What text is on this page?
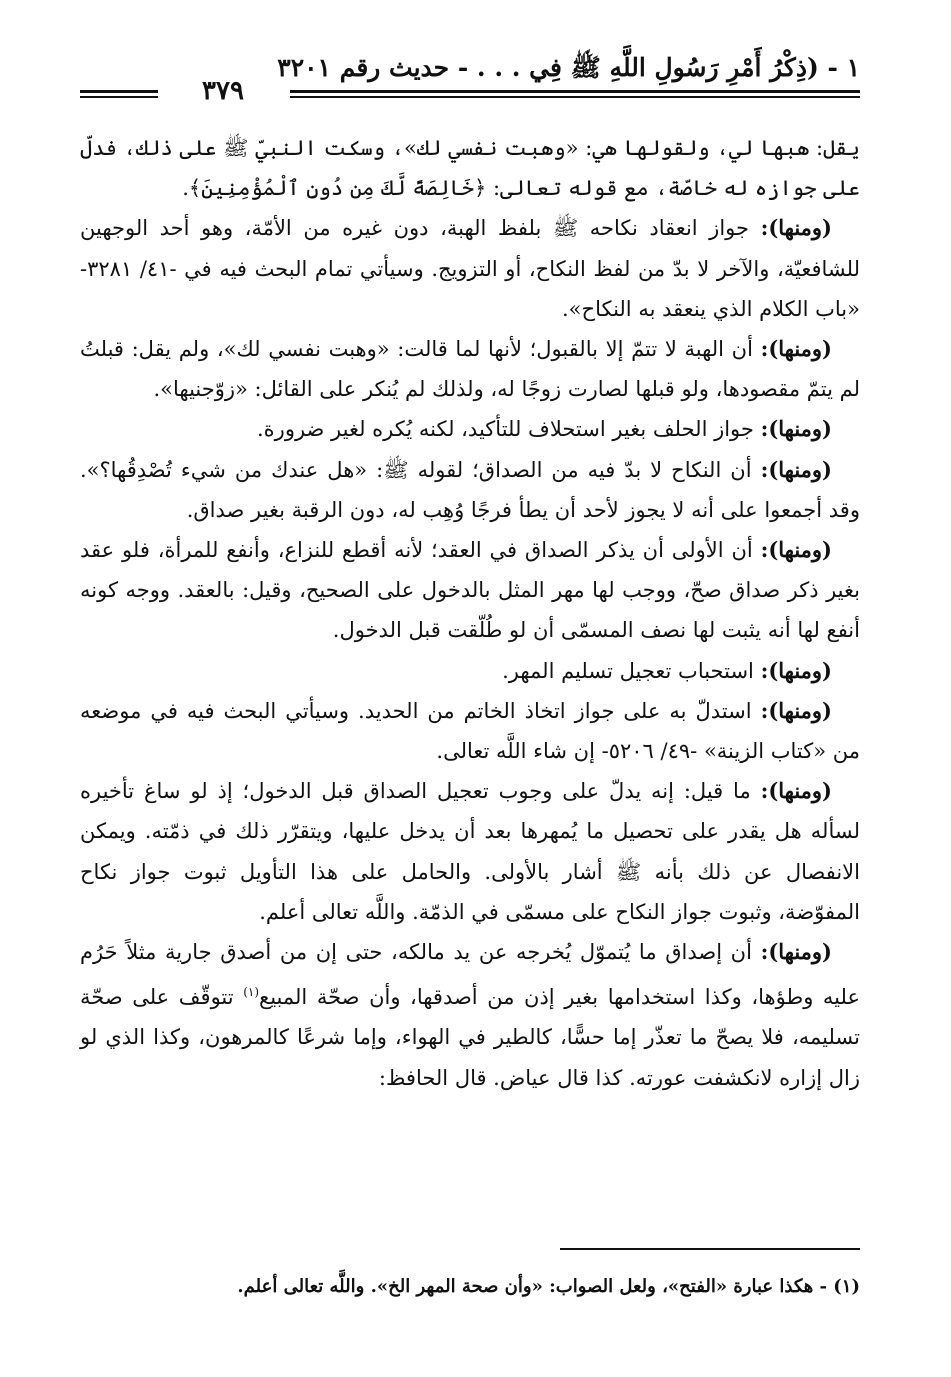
١ - (ذِكْرُ أَمْرِ رَسُولِ اللَّهِ ﷺ فِي . . . - حديث رقم ٣٢٠١
٣٧٩

يقل: هبها لي، ولقولها هي: «وهبت نفسي لك»، وسكت النبيّ ﷺ على ذلك، فدلّ على جوازه له خاصّة، مع قوله تعالى: ﴿خَالِصَةً لَّكَ مِن دُونِ ٱلْمُؤْمِنِينَ﴾.

(ومنها): جواز انعقاد نكاحه ﷺ بلفظ الهبة، دون غيره من الأمّة، وهو أحد الوجهين للشافعيّة، والآخر لا بدّ من لفظ النكاح، أو التزويج. وسيأتي تمام البحث فيه في -٤١/ ٣٢٨١- «باب الكلام الذي ينعقد به النكاح».

(ومنها): أن الهبة لا تتمّ إلا بالقبول؛ لأنها لما قالت: «وهبت نفسي لك»، ولم يقل: قبلتُ لم يتمّ مقصودها، ولو قبلها لصارت زوجًا له، ولذلك لم يُنكر على القائل: «زوّجنيها».

(ومنها): جواز الحلف بغير استحلاف للتأكيد، لكنه يُكره لغير ضرورة.

(ومنها): أن النكاح لا بدّ فيه من الصداق؛ لقوله ﷺ: «هل عندك من شيء تُصْدِقُها؟». وقد أجمعوا على أنه لا يجوز لأحد أن يطأ فرجًا وُهِب له، دون الرقبة بغير صداق.

(ومنها): أن الأولى أن يذكر الصداق في العقد؛ لأنه أقطع للنزاع، وأنفع للمرأة، فلو عقد بغير ذكر صداق صحّ، ووجب لها مهر المثل بالدخول على الصحيح، وقيل: بالعقد. ووجه كونه أنفع لها أنه يثبت لها نصف المسمّى أن لو طُلّقت قبل الدخول.

(ومنها): استحباب تعجيل تسليم المهر.

(ومنها): استدلّ به على جواز اتخاذ الخاتم من الحديد. وسيأتي البحث فيه في موضعه من «كتاب الزينة» -٤٩/ ٥٢٠٦- إن شاء اللَّه تعالى.

(ومنها): ما قيل: إنه يدلّ على وجوب تعجيل الصداق قبل الدخول؛ إذ لو ساغ تأخيره لسأله هل يقدر على تحصيل ما يُمهرها بعد أن يدخل عليها، ويتقرّر ذلك في ذمّته. ويمكن الانفصال عن ذلك بأنه ﷺ أشار بالأولى. والحامل على هذا التأويل ثبوت جواز نكاح المفوّضة، وثبوت جواز النكاح على مسمّى في الذمّة. واللَّه تعالى أعلم.

(ومنها): أن إصداق ما يُتموّل يُخرجه عن يد مالكه، حتى إن من أصدق جارية مثلاً حَرُم عليه وطؤها، وكذا استخدامها بغير إذن من أصدقها، وأن صحّة المبيع$^{(١)}$ تتوقّف على صحّة تسليمه، فلا يصحّ ما تعذّر إما حسًّا، كالطير في الهواء، وإما شرعًا كالمرهون، وكذا الذي لو زال إزاره لانكشفت عورته. كذا قال عياض. قال الحافظ:

(١) - هكذا عبارة «الفتح»، ولعل الصواب: «وأن صحة المهر الخ». واللَّه تعالى أعلم.
